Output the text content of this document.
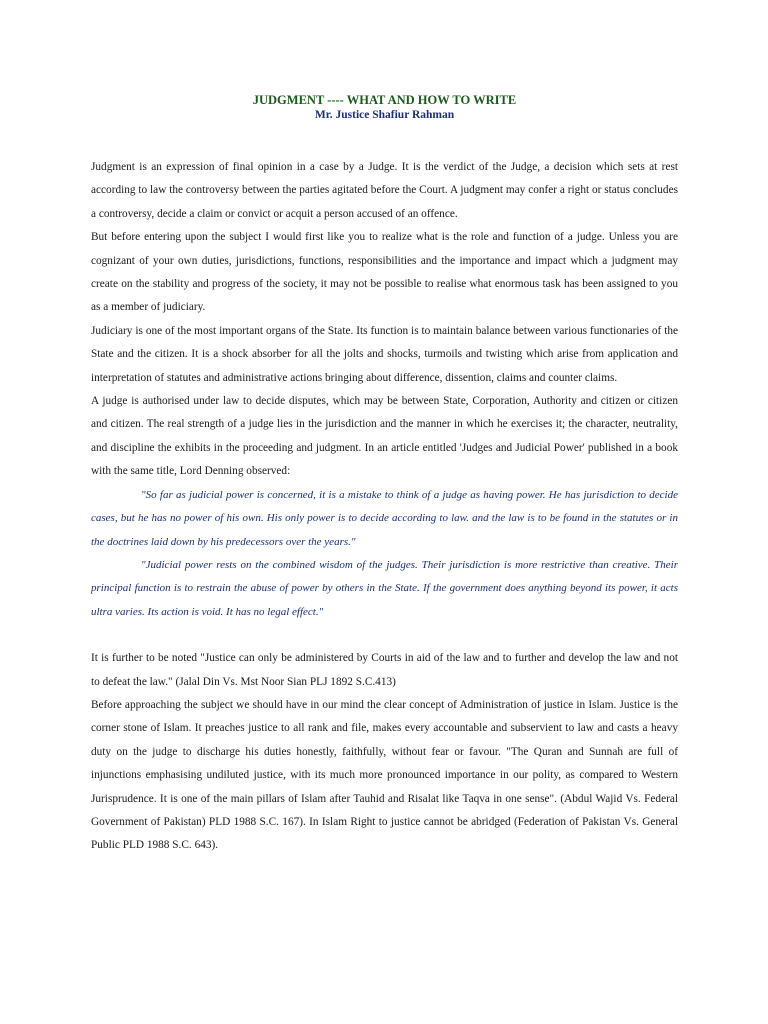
JUDGMENT ---- WHAT AND HOW TO WRITE

Mr. Justice Shafiur Rahman

Judgment is an expression of final opinion in a case by a Judge. It is the verdict of the Judge, a decision which sets at rest according to law the controversy between the parties agitated before the Court. A judgment may confer a right or status concludes a controversy, decide a claim or convict or acquit a person accused of an offence.

But before entering upon the subject I would first like you to realize what is the role and function of a judge. Unless you are cognizant of your own duties, jurisdictions, functions, responsibilities and the importance and impact which a judgment may create on the stability and progress of the society, it may not be possible to realise what enormous task has been assigned to you as a member of judiciary.

Judiciary is one of the most important organs of the State. Its function is to maintain balance between various functionaries of the State and the citizen. It is a shock absorber for all the jolts and shocks, turmoils and twisting which arise from application and interpretation of statutes and administrative actions bringing about difference, dissention, claims and counter claims.

A judge is authorised under law to decide disputes, which may be between State, Corporation, Authority and citizen or citizen and citizen. The real strength of a judge lies in the jurisdiction and the manner in which he exercises it; the character, neutrality, and discipline the exhibits in the proceeding and judgment. In an article entitled 'Judges and Judicial Power' published in a book with the same title, Lord Denning observed:

"So far as judicial power is concerned, it is a mistake to think of a judge as having power. He has jurisdiction to decide cases, but he has no power of his own. His only power is to decide according to law. and the law is to be found in the statutes or in the doctrines laid down by his predecessors over the years."

"Judicial power rests on the combined wisdom of the judges. Their jurisdiction is more restrictive than creative. Their principal function is to restrain the abuse of power by others in the State. If the government does anything beyond its power, it acts ultra varies. Its action is void. It has no legal effect."

It is further to be noted "Justice can only be administered by Courts in aid of the law and to further and develop the law and not to defeat the law." (Jalal Din Vs. Mst Noor Sian PLJ 1892 S.C.413)

Before approaching the subject we should have in our mind the clear concept of Administration of justice in Islam. Justice is the corner stone of Islam. It preaches justice to all rank and file, makes every accountable and subservient to law and casts a heavy duty on the judge to discharge his duties honestly, faithfully, without fear or favour. "The Quran and Sunnah are full of injunctions emphasising undiluted justice, with its much more pronounced importance in our polity, as compared to Western Jurisprudence. It is one of the main pillars of Islam after Tauhid and Risalat like Taqva in one sense". (Abdul Wajid Vs. Federal Government of Pakistan) PLD 1988 S.C. 167). In Islam Right to justice cannot be abridged (Federation of Pakistan Vs. General Public PLD 1988 S.C. 643).
